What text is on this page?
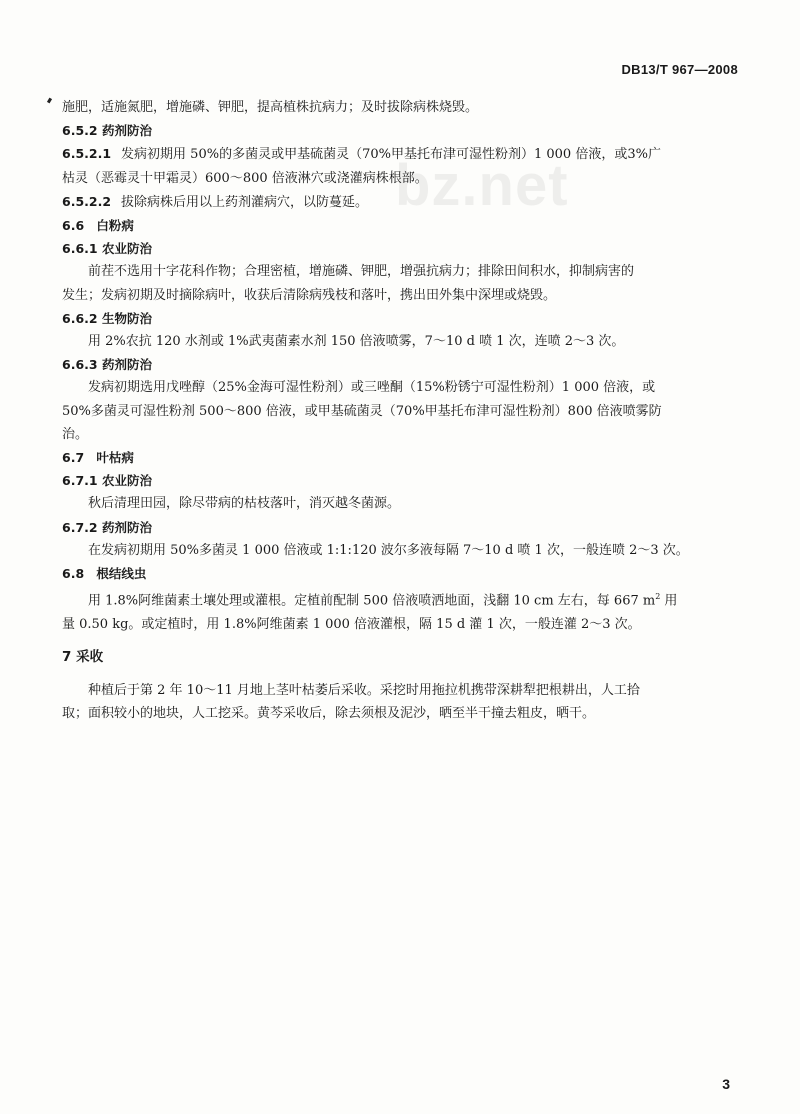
DB13/T 967—2008
bz.net
施肥，适施氮肥，增施磷、钾肥，提高植株抗病力；及时拔除病株烧毁。
6.5.2 药剂防治
6.5.2.1 发病初期用 50%的多菌灵或甲基硫菌灵（70%甲基托布津可湿性粉剂）1 000 倍液，或3%广
枯灵（恶霉灵十甲霜灵）600～800 倍液淋穴或浇灌病株根部。
6.5.2.2 拔除病株后用以上药剂灌病穴，以防蔓延。
6.6 白粉病
6.6.1 农业防治
前茬不选用十字花科作物；合理密植，增施磷、钾肥，增强抗病力；排除田间积水，抑制病害的
发生；发病初期及时摘除病叶，收获后清除病残枝和落叶，携出田外集中深埋或烧毁。
6.6.2 生物防治
用 2%农抗 120 水剂或 1%武夷菌素水剂 150 倍液喷雾，7～10 d 喷 1 次，连喷 2～3 次。
6.6.3 药剂防治
发病初期选用戊唑醇（25%金海可湿性粉剂）或三唑酮（15%粉锈宁可湿性粉剂）1 000 倍液，或
50%多菌灵可湿性粉剂 500～800 倍液，或甲基硫菌灵（70%甲基托布津可湿性粉剂）800 倍液喷雾防
治。
6.7 叶枯病
6.7.1 农业防治
秋后清理田园，除尽带病的枯枝落叶，消灭越冬菌源。
6.7.2 药剂防治
在发病初期用 50%多菌灵 1 000 倍液或 1:1:120 波尔多液每隔 7～10 d 喷 1 次，一般连喷 2～3 次。
6.8 根结线虫
用 1.8%阿维菌素土壤处理或灌根。定植前配制 500 倍液喷洒地面，浅翻 10 cm 左右，每 667 $m^2$ 用
量 0.50 kg。或定植时，用 1.8%阿维菌素 1 000 倍液灌根，隔 15 d 灌 1 次，一般连灌 2～3 次。
7 采收
种植后于第 2 年 10～11 月地上茎叶枯萎后采收。采挖时用拖拉机携带深耕犁把根耕出，人工拾
取；面积较小的地块，人工挖采。黄芩采收后，除去须根及泥沙，晒至半干撞去粗皮，晒干。
3
